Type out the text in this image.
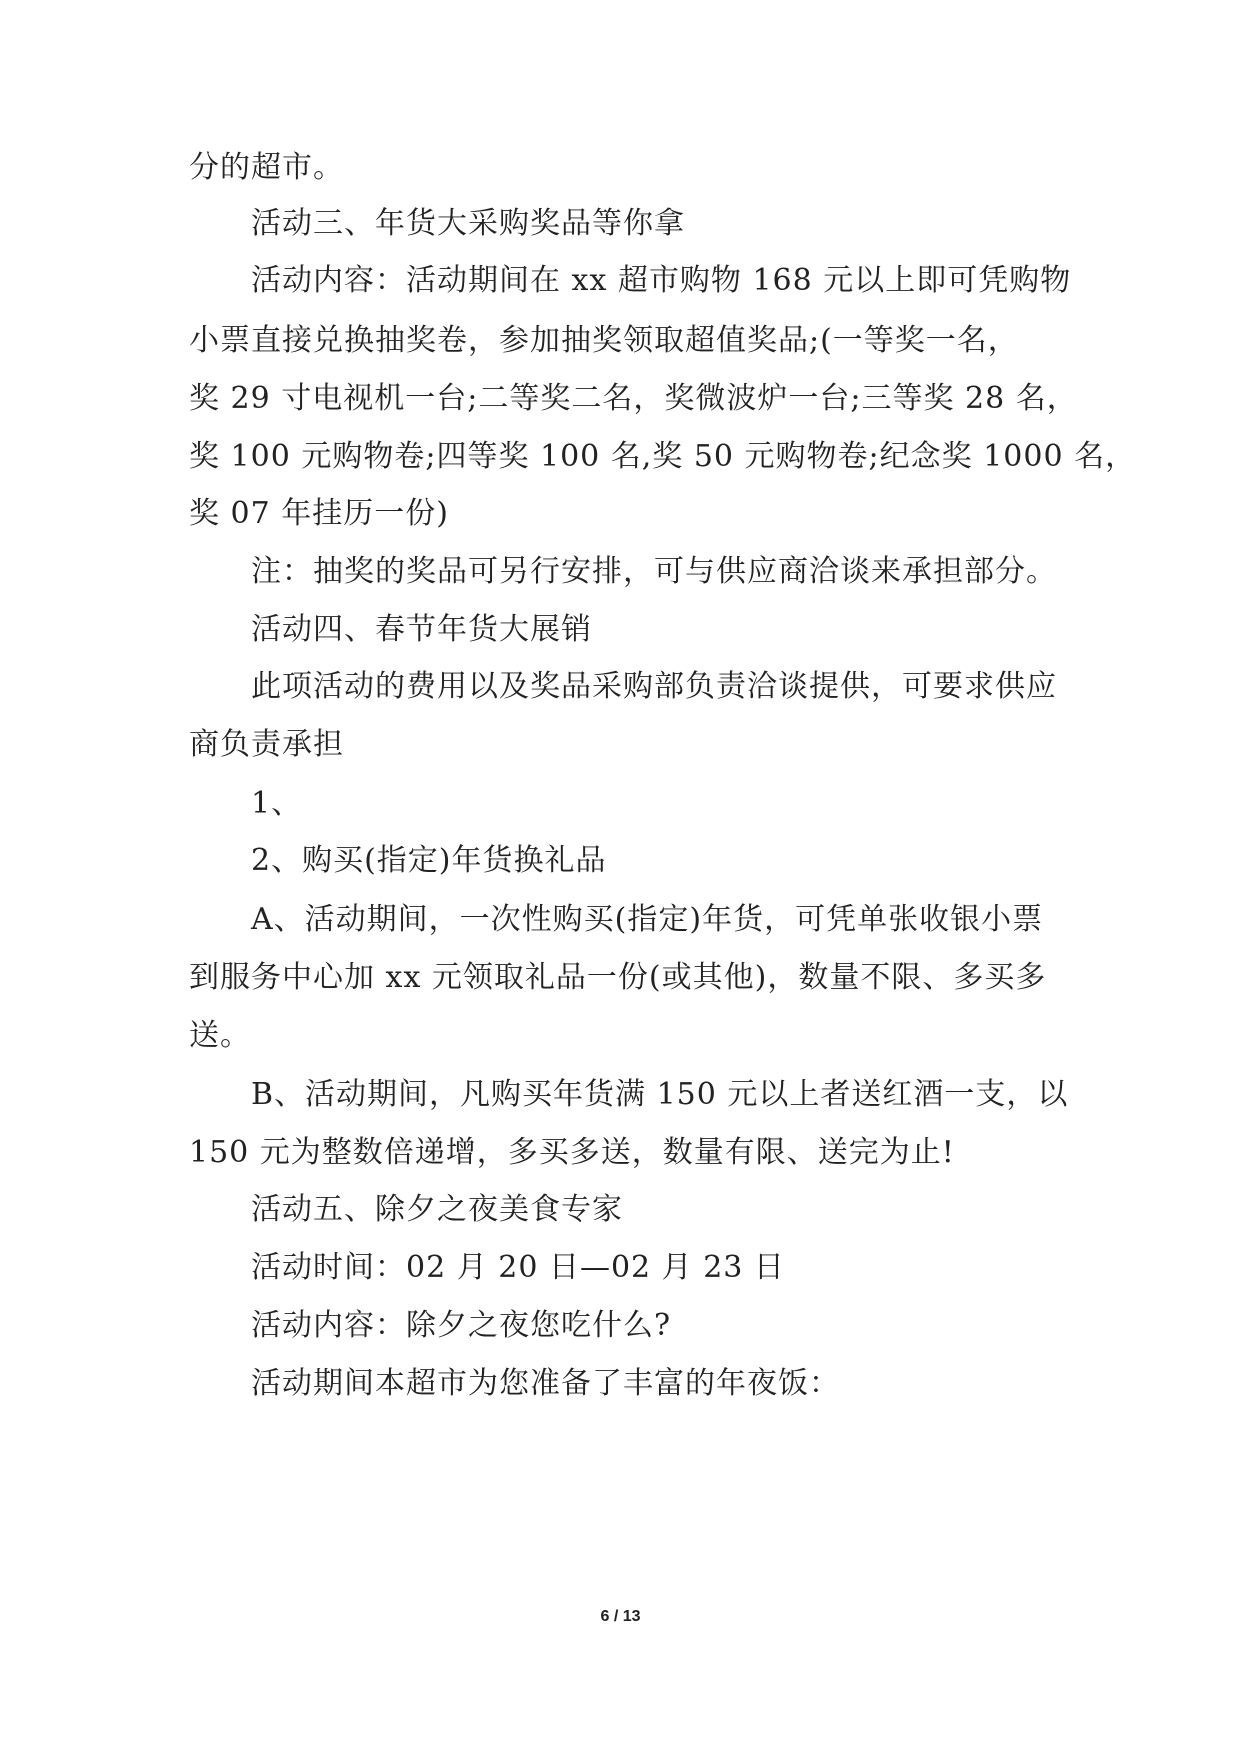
分的超市。
活动三、年货大采购奖品等你拿
活动内容：活动期间在 xx 超市购物 168 元以上即可凭购物
小票直接兑换抽奖卷，参加抽奖领取超值奖品;(一等奖一名，
奖 29 寸电视机一台;二等奖二名，奖微波炉一台;三等奖 28 名，
奖 100 元购物卷;四等奖 100 名,奖 50 元购物卷;纪念奖 1000 名，
奖 07 年挂历一份)
注：抽奖的奖品可另行安排，可与供应商洽谈来承担部分。
活动四、春节年货大展销
此项活动的费用以及奖品采购部负责洽谈提供，可要求供应
商负责承担
1、
2、购买(指定)年货换礼品
A、活动期间，一次性购买(指定)年货，可凭单张收银小票
到服务中心加 xx 元领取礼品一份(或其他)，数量不限、多买多
送。
B、活动期间，凡购买年货满 150 元以上者送红酒一支，以
150 元为整数倍递增，多买多送，数量有限、送完为止!
活动五、除夕之夜美食专家
活动时间：02 月 20 日—02 月 23 日
活动内容：除夕之夜您吃什么?
活动期间本超市为您准备了丰富的年夜饭：
6 / 13
